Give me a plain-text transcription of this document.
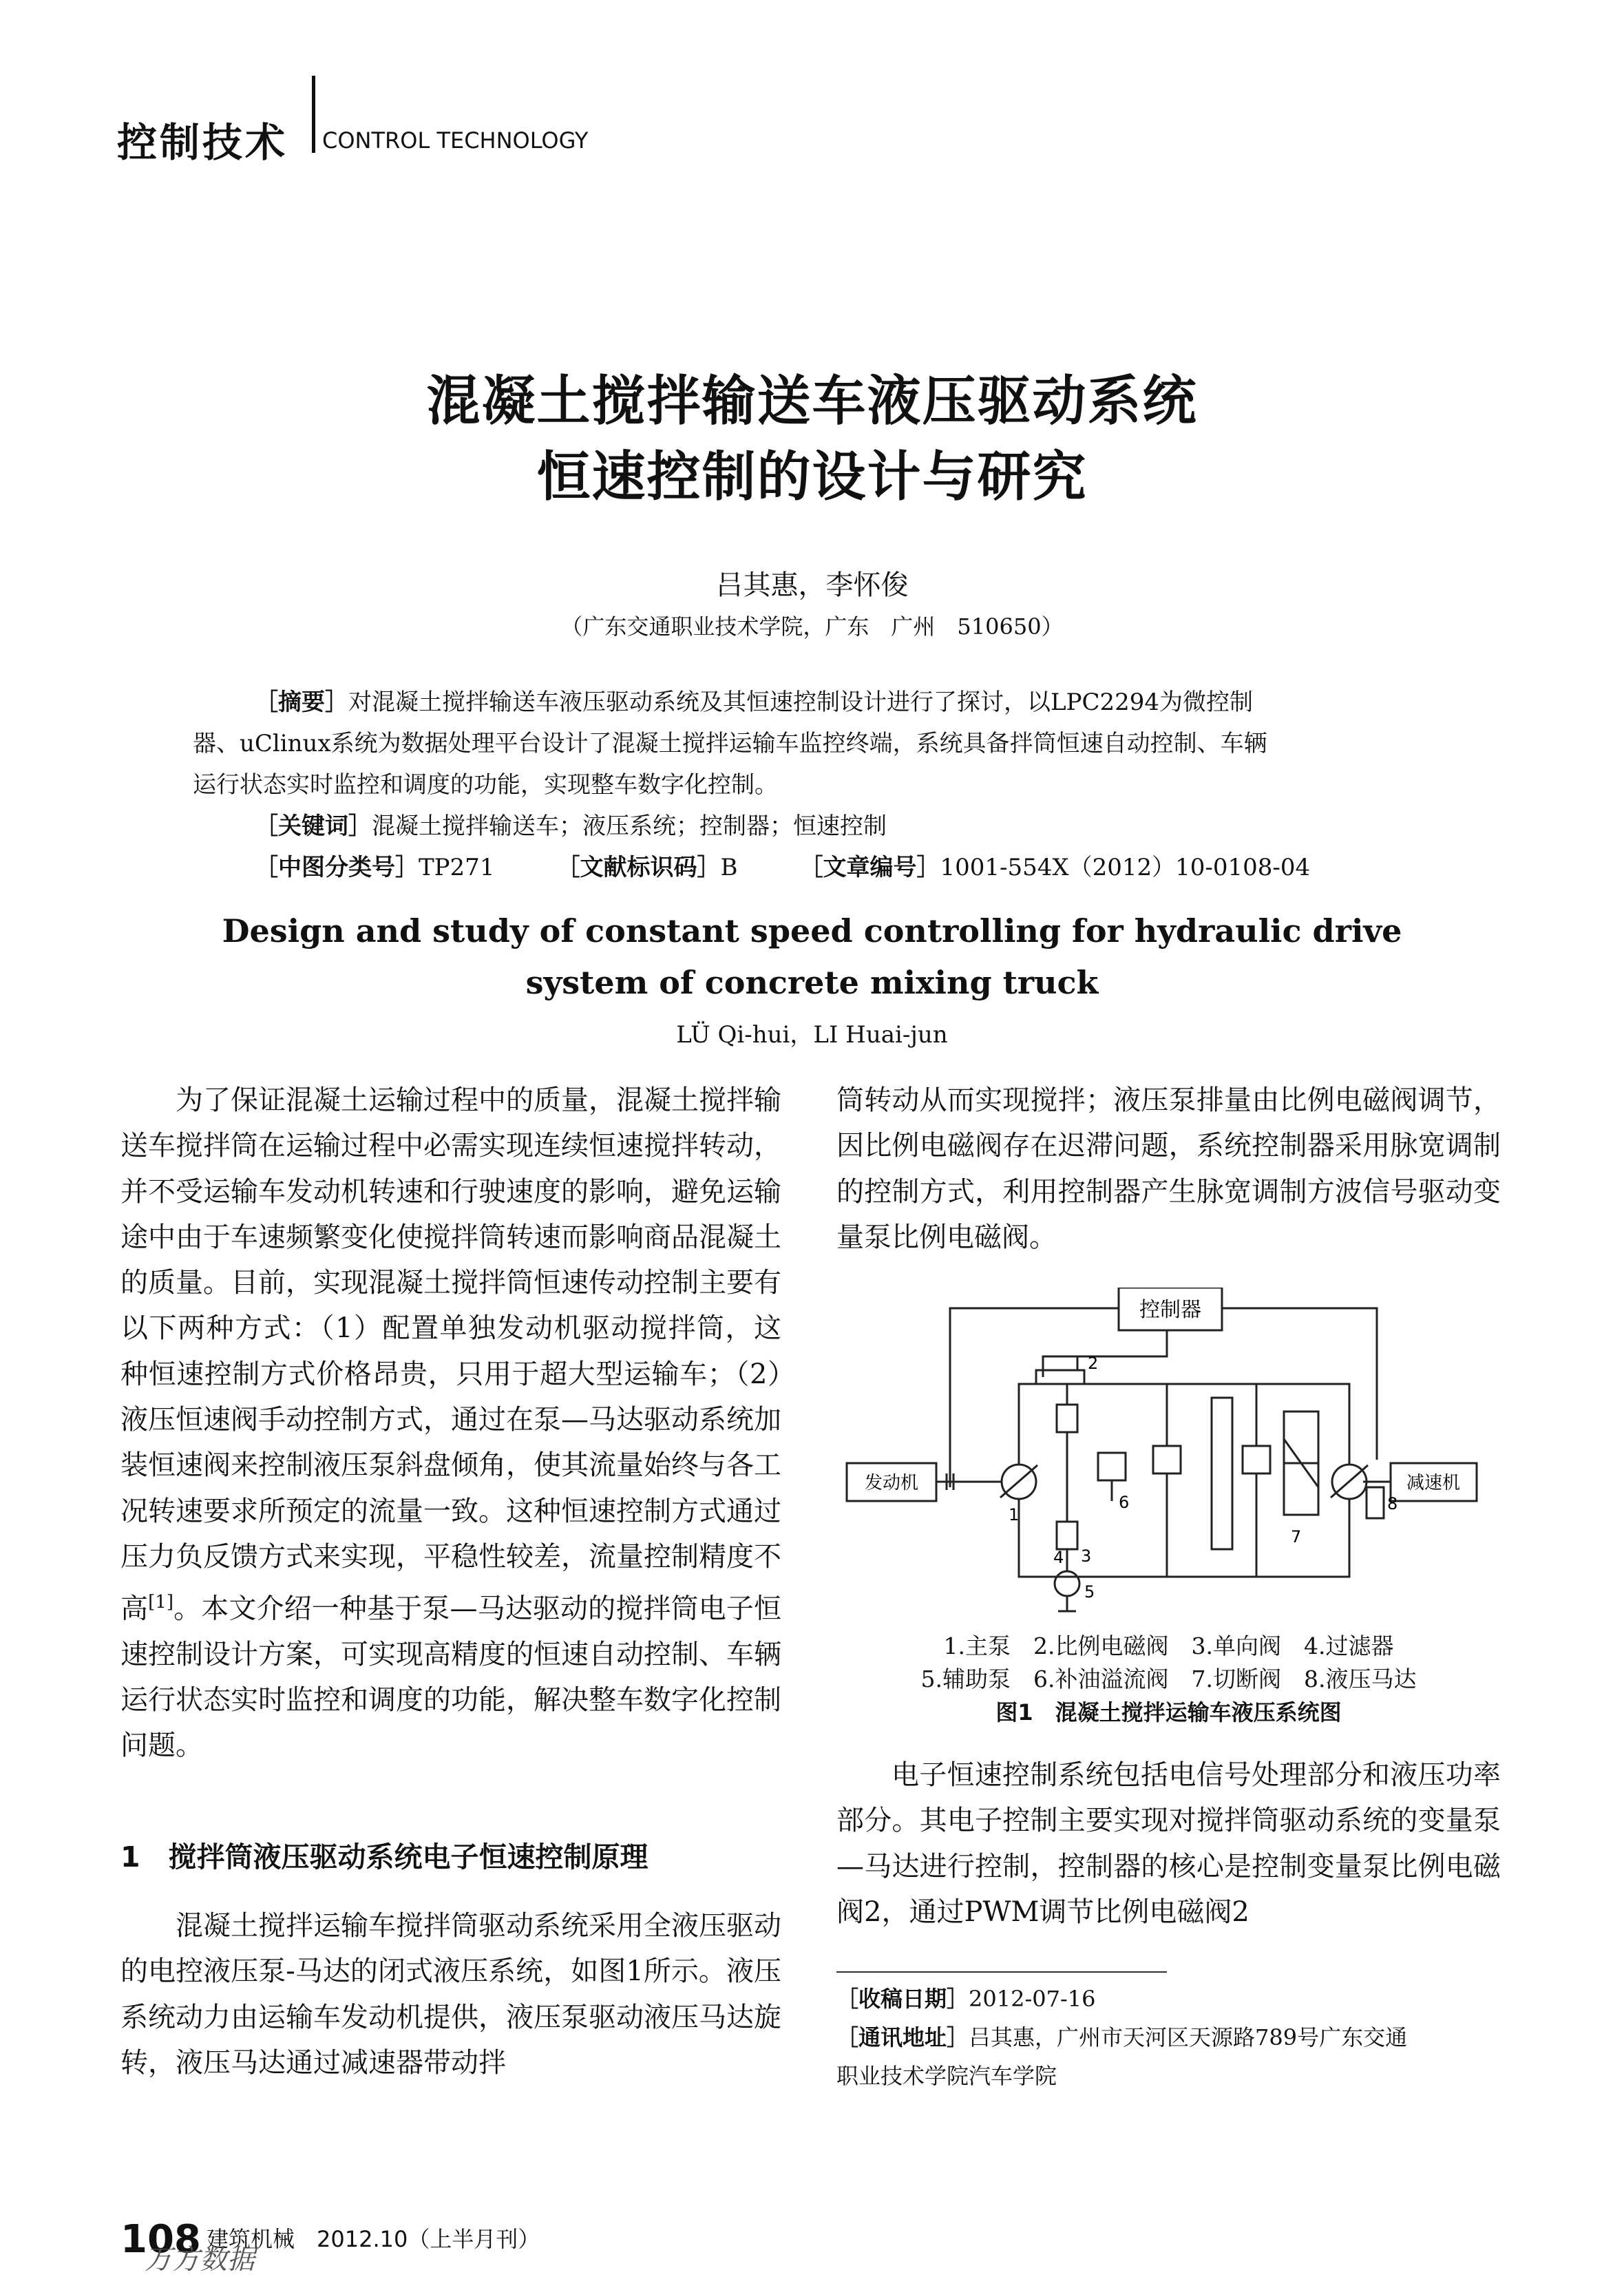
控制技术 CONTROL TECHNOLOGY
混凝土搅拌输送车液压驱动系统
恒速控制的设计与研究
吕其惠，李怀俊
（广东交通职业技术学院，广东　广州　510650）
［摘要］对混凝土搅拌输送车液压驱动系统及其恒速控制设计进行了探讨，以LPC2294为微控制
器、uClinux系统为数据处理平台设计了混凝土搅拌运输车监控终端，系统具备拌筒恒速自动控制、车辆
运行状态实时监控和调度的功能，实现整车数字化控制。
［关键词］混凝土搅拌输送车；液压系统；控制器；恒速控制
［中图分类号］TP271	［文献标识码］B	［文章编号］1001-554X（2012）10-0108-04
Design and study of constant speed controlling for hydraulic drive
system of concrete mixing truck
LÜ Qi-hui，LI Huai-jun

为了保证混凝土运输过程中的质量，混凝土搅拌输送车搅拌筒在运输过程中必需实现连续恒速搅拌转动，并不受运输车发动机转速和行驶速度的影响，避免运输途中由于车速频繁变化使搅拌筒转速而影响商品混凝土的质量。目前，实现混凝土搅拌筒恒速传动控制主要有以下两种方式：（1）配置单独发动机驱动搅拌筒，这种恒速控制方式价格昂贵，只用于超大型运输车；（2）液压恒速阀手动控制方式，通过在泵—马达驱动系统加装恒速阀来控制液压泵斜盘倾角，使其流量始终与各工况转速要求所预定的流量一致。这种恒速控制方式通过压力负反馈方式来实现，平稳性较差，流量控制精度不高[1]。本文介绍一种基于泵—马达驱动的搅拌筒电子恒速控制设计方案，可实现高精度的恒速自动控制、车辆运行状态实时监控和调度的功能，解决整车数字化控制问题。

1　搅拌筒液压驱动系统电子恒速控制原理

混凝土搅拌运输车搅拌筒驱动系统采用全液压驱动的电控液压泵-马达的闭式液压系统，如图1所示。液压系统动力由运输车发动机提供，液压泵驱动液压马达旋转，液压马达通过减速器带动拌

筒转动从而实现搅拌；液压泵排量由比例电磁阀调节，因比例电磁阀存在迟滞问题，系统控制器采用脉宽调制的控制方式，利用控制器产生脉宽调制方波信号驱动变量泵比例电磁阀。

控制器
发动机	减速机
1
2
3
4
5
6
7
8
1.主泵　2.比例电磁阀　3.单向阀　4.过滤器
5.辅助泵　6.补油溢流阀　7.切断阀　8.液压马达
图1　混凝土搅拌运输车液压系统图

电子恒速控制系统包括电信号处理部分和液压功率部分。其电子控制主要实现对搅拌筒驱动系统的变量泵—马达进行控制，控制器的核心是控制变量泵比例电磁阀2，通过PWM调节比例电磁阀2

［收稿日期］2012-07-16
［通讯地址］吕其惠，广州市天河区天源路789号广东交通
职业技术学院汽车学院
108 建筑机械　2012.10（上半月刊）
万方数据
